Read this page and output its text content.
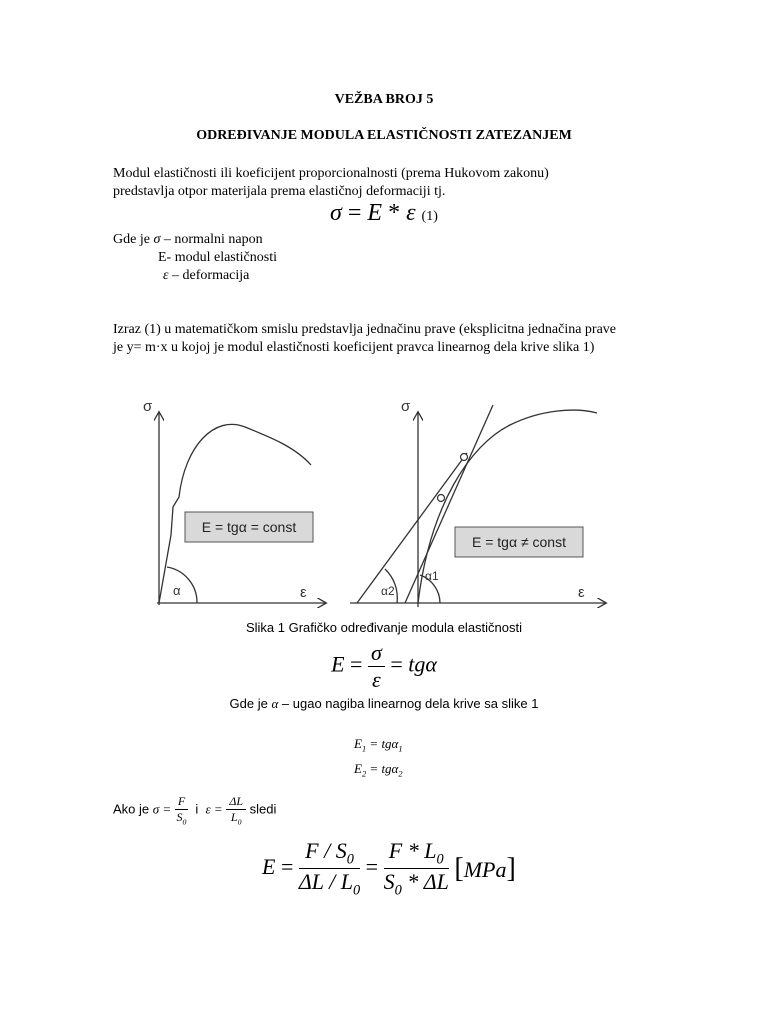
VEŽBA BROJ 5
ODREĐIVANJE MODULA ELASTIČNOSTI ZATEZANJEM
Modul elastičnosti ili koeficijent proporcionalnosti (prema Hukovom zakonu)
predstavlja otpor materijala prema elastičnoj deformaciji tj.
σ = E * ε (1)
Gde je σ – normalni napon
E- modul elastičnosti
ε – deformacija
Izraz (1) u matematičkom smislu predstavlja jednačinu prave (eksplicitna jednačina prave
je y= m·x u kojoj je modul elastičnosti koeficijent pravca linearnog dela krive slika 1)
σ
ε
α
E = tgα = const
σ
ε
α1
α2
E = tgα ≠ const
Slika 1 Grafičko određivanje modula elastičnosti
$E = \frac{\sigma}{\varepsilon} = tg\alpha$
Gde je α – ugao nagiba linearnog dela krive sa slike 1
$E_1 = tg\alpha_1$
$E_2 = tg\alpha_2$
Ako je $\sigma = \frac{F}{S_0}$ i $\varepsilon = \frac{\Delta L}{L_0}$ sledi
$E = \frac{F / S_0}{\Delta L / L_0} = \frac{F * L_0}{S_0 * \Delta L} [MPa]$
